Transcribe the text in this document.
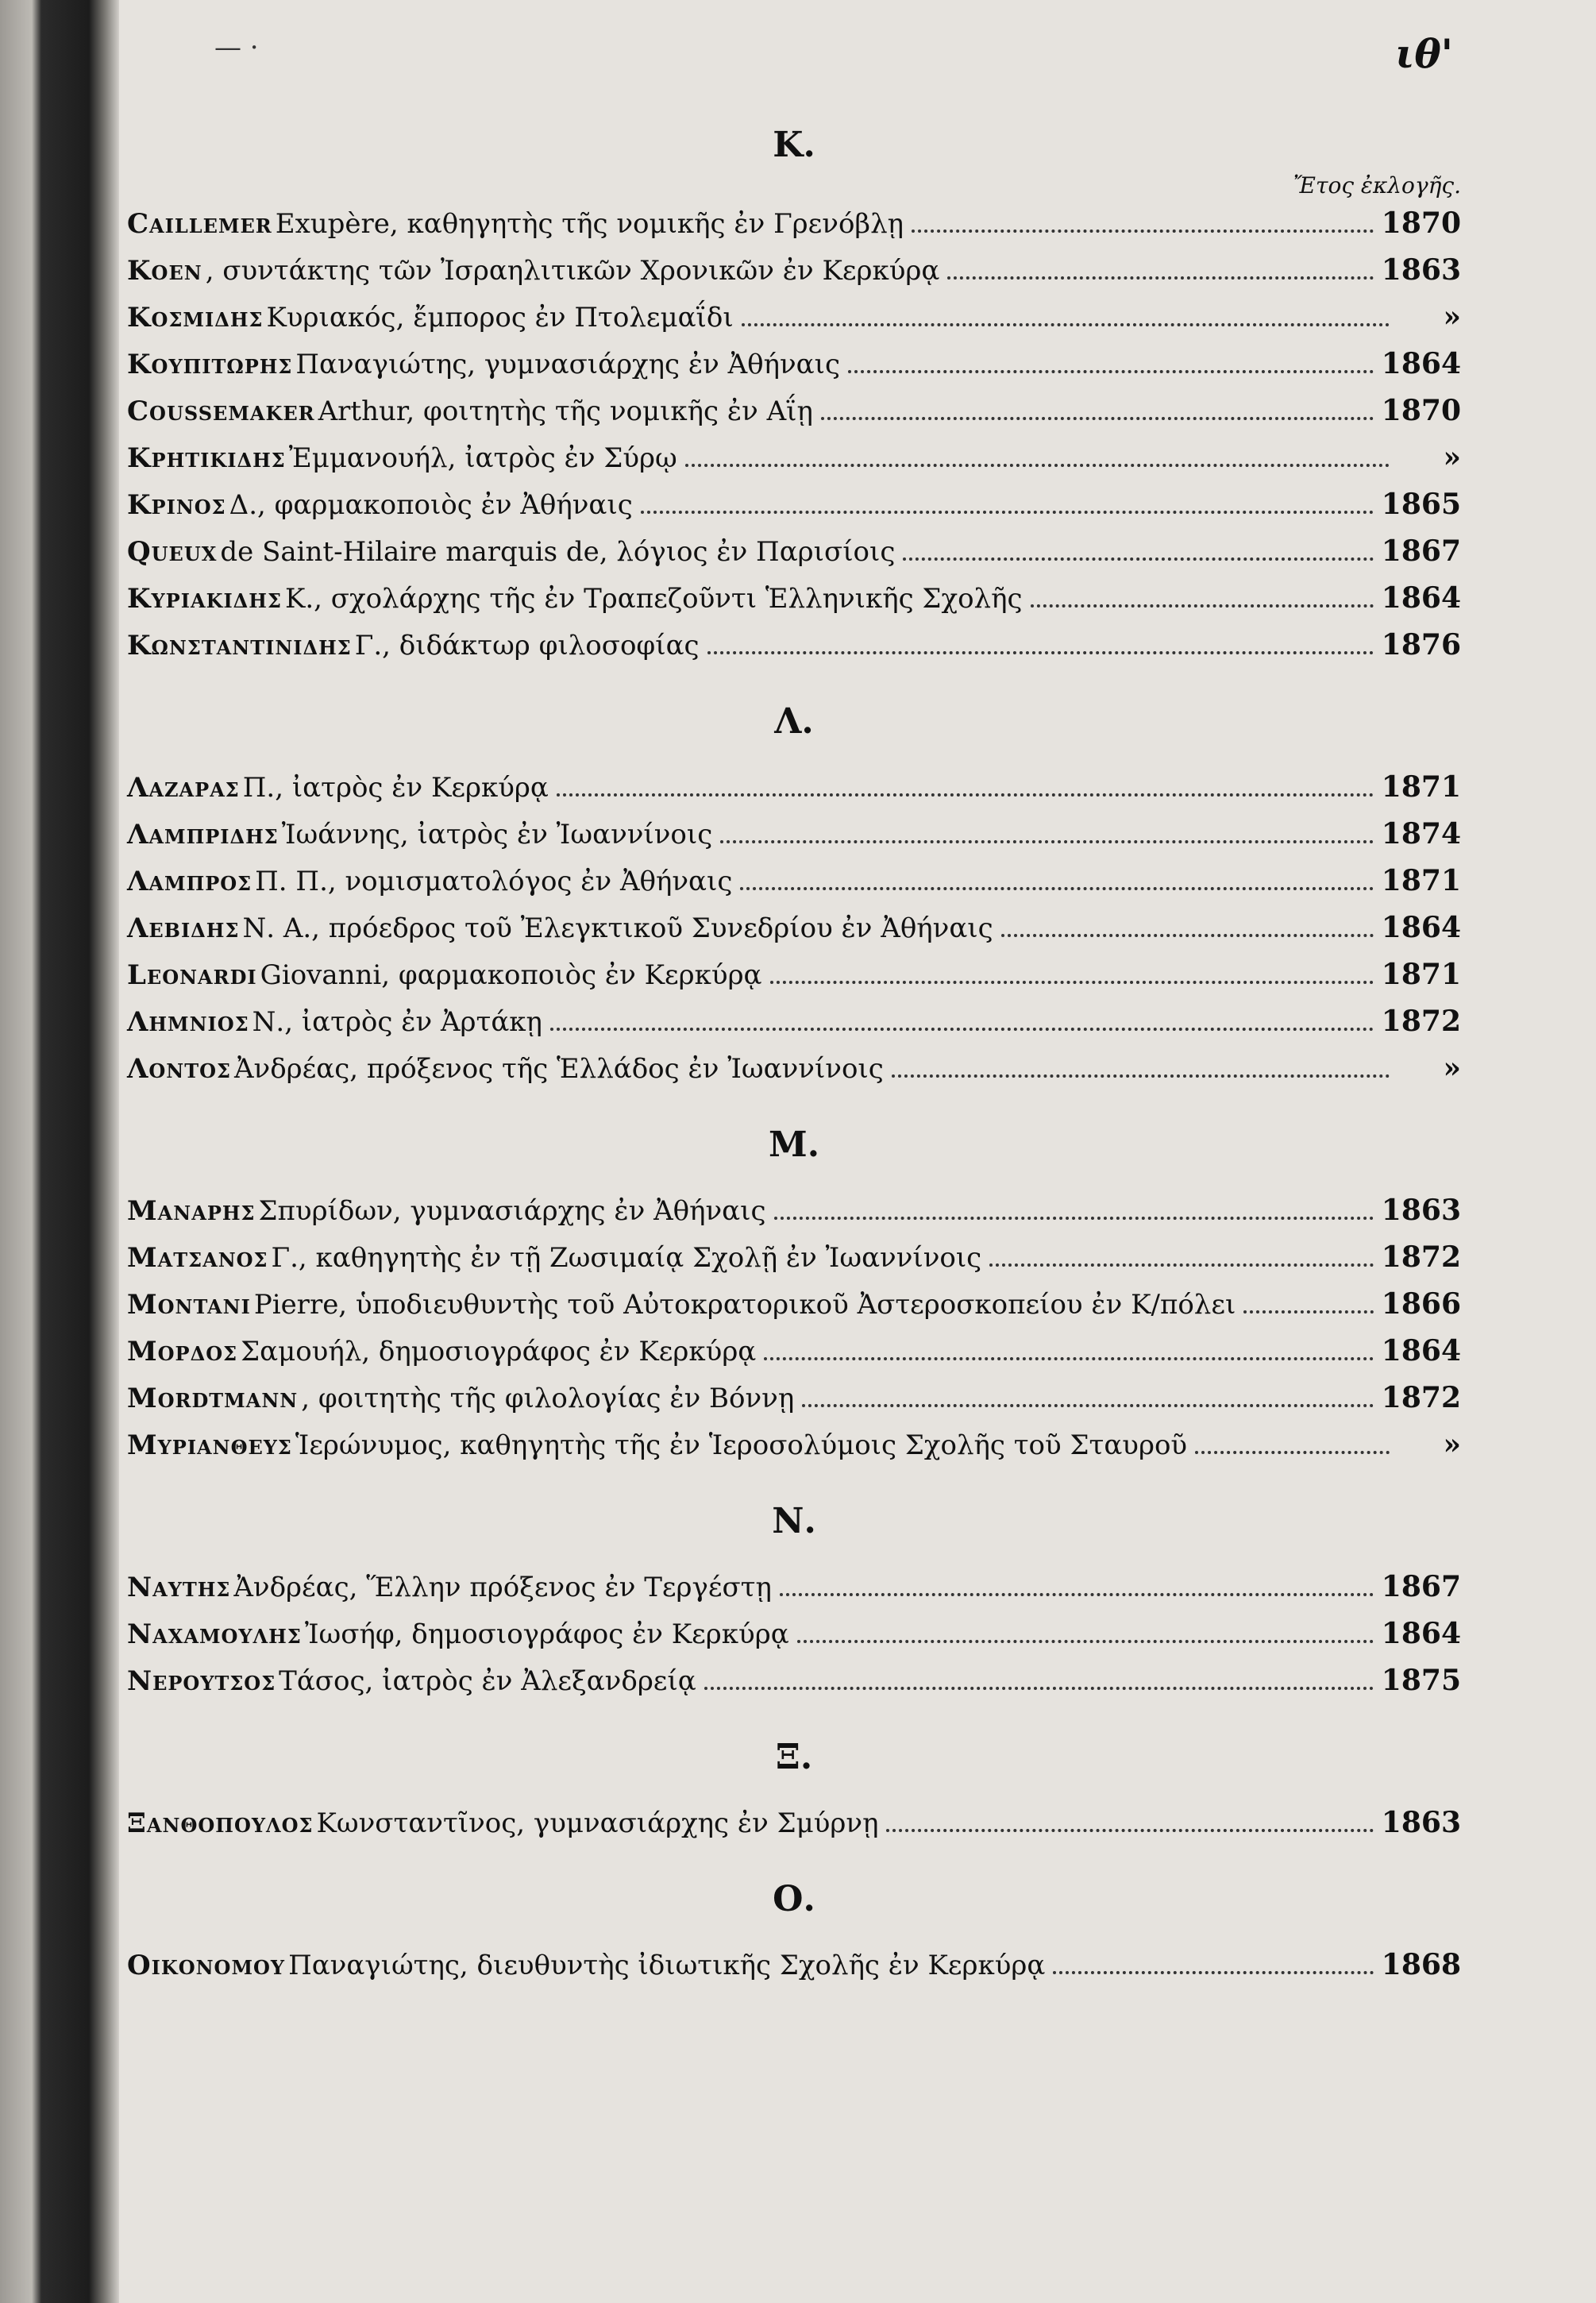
— ·	ιθ'
Κ.
Ἔτος ἐκλογῆς.
Caillemer Exupère, καθηγητὴς τῆς νομικῆς ἐν Γρενόβλῃ	1870
Κοεν , συντάκτης τῶν Ἰσραηλιτικῶν Χρονικῶν ἐν Κερκύρᾳ	1863
Κοσμιδης Κυριακός, ἔμπορος ἐν Πτολεμαΐδι	»
Κουπιτωρης Παναγιώτης, γυμνασιάρχης ἐν Ἀθήναις	1864
Coussemaker Arthur, φοιτητὴς τῆς νομικῆς ἐν Αΐῃ	1870
Κρητικιδης Ἐμμανουήλ, ἰατρὸς ἐν Σύρῳ	»
Κρινος Δ., φαρμακοποιὸς ἐν Ἀθήναις	1865
Queux de Saint-Hilaire marquis de, λόγιος ἐν Παρισίοις	1867
Κυριακιδης Κ., σχολάρχης τῆς ἐν Τραπεζοῦντι Ἑλληνικῆς Σχολῆς	1864
Κωνσταντινιδης Γ., διδάκτωρ φιλοσοφίας	1876
Λ.
Λαζαρας Π., ἰατρὸς ἐν Κερκύρᾳ	1871
Λαμπριδης Ἰωάννης, ἰατρὸς ἐν Ἰωαννίνοις	1874
Λαμπρος Π. Π., νομισματολόγος ἐν Ἀθήναις	1871
Λεβιδης Ν. Α., πρόεδρος τοῦ Ἐλεγκτικοῦ Συνεδρίου ἐν Ἀθήναις	1864
Leonardi Giovanni, φαρμακοποιὸς ἐν Κερκύρᾳ	1871
Λημνιος Ν., ἰατρὸς ἐν Ἀρτάκῃ	1872
Λοντος Ἀνδρέας, πρόξενος τῆς Ἑλλάδος ἐν Ἰωαννίνοις	»
Μ.
Μαναρης Σπυρίδων, γυμνασιάρχης ἐν Ἀθήναις	1863
Ματσανος Γ., καθηγητὴς ἐν τῇ Ζωσιμαίᾳ Σχολῇ ἐν Ἰωαννίνοις	1872
Montani Pierre, ὑποδιευθυντὴς τοῦ Αὐτοκρατορικοῦ Ἀστεροσκοπείου ἐν Κ/πόλει	1866
Μορδος Σαμουήλ, δημοσιογράφος ἐν Κερκύρᾳ	1864
Mordtmann , φοιτητὴς τῆς φιλολογίας ἐν Βόννῃ	1872
Μυριανθευς Ἱερώνυμος, καθηγητὴς τῆς ἐν Ἱεροσολύμοις Σχολῆς τοῦ Σταυροῦ	»
Ν.
Ναυτης Ἀνδρέας, Ἕλλην πρόξενος ἐν Τεργέστῃ	1867
Ναχαμουλης Ἰωσήφ, δημοσιογράφος ἐν Κερκύρᾳ	1864
Νερουτσος Τάσος, ἰατρὸς ἐν Ἀλεξανδρείᾳ	1875
Ξ.
Ξανθοπουλος Κωνσταντῖνος, γυμνασιάρχης ἐν Σμύρνῃ	1863
Ο.
Οικονομου Παναγιώτης, διευθυντὴς ἰδιωτικῆς Σχολῆς ἐν Κερκύρᾳ	1868
